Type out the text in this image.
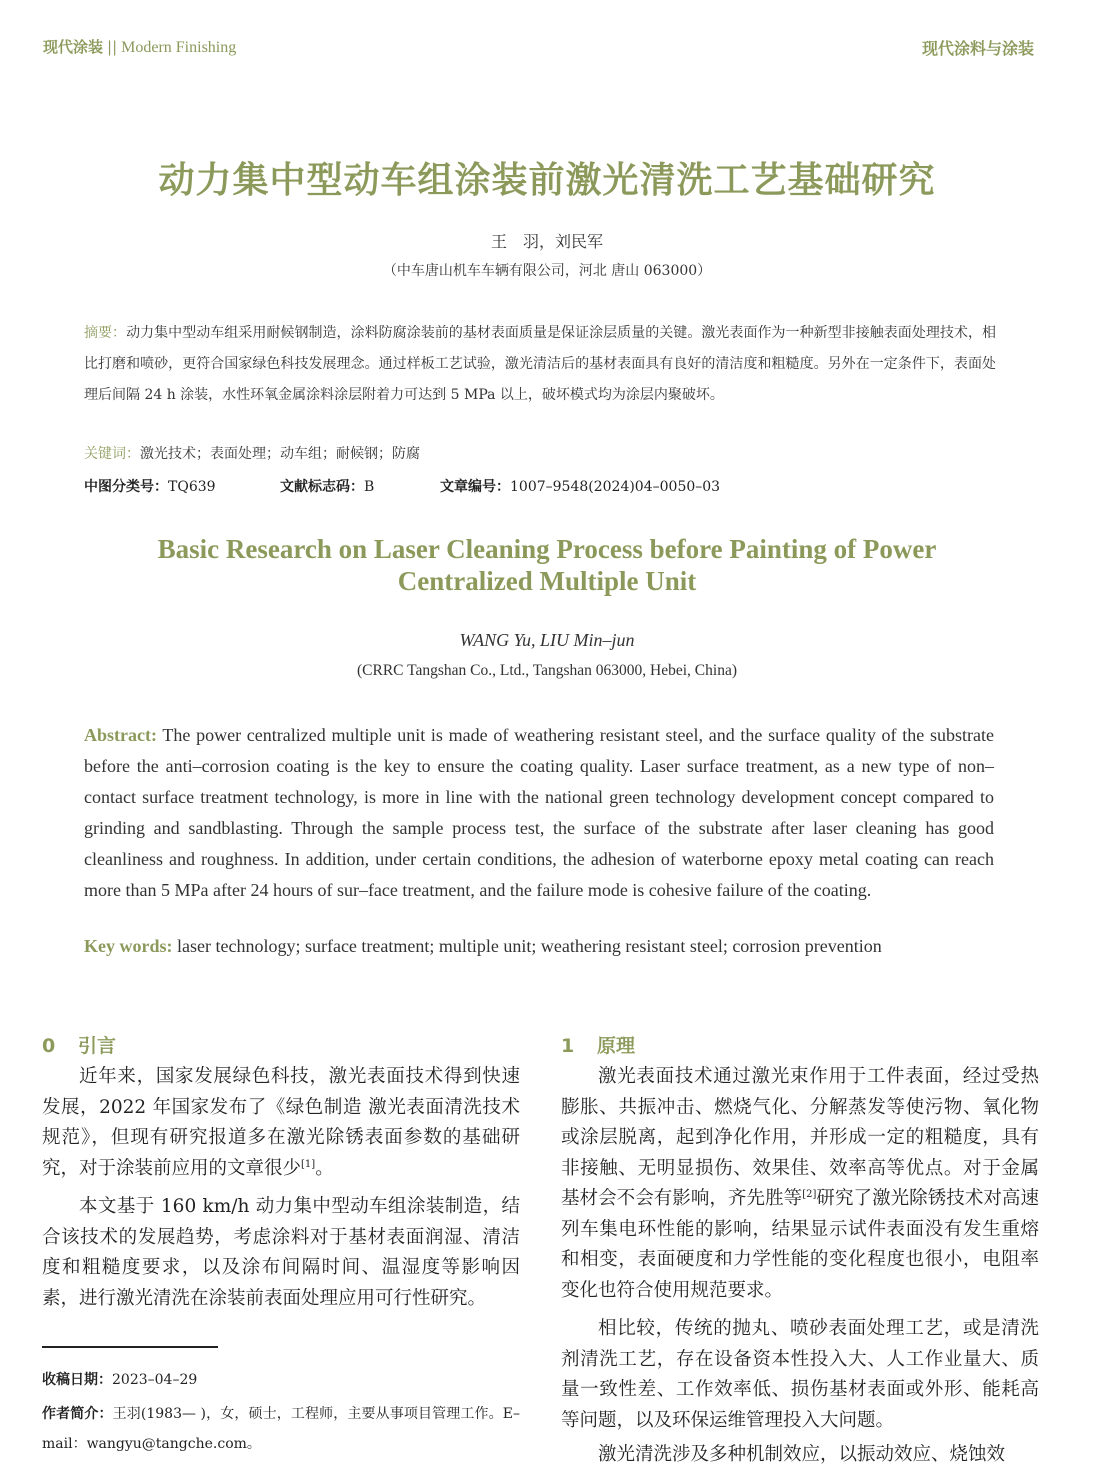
现代涂装 || Modern Finishing	现代涂料与涂装
动力集中型动车组涂装前激光清洗工艺基础研究
王　羽，刘民军
（中车唐山机车车辆有限公司，河北 唐山 063000）
摘要：动力集中型动车组采用耐候钢制造，涂料防腐涂装前的基材表面质量是保证涂层质量的关键。激光表面作为一种新型非接触表面处理技术，相比打磨和喷砂，更符合国家绿色科技发展理念。通过样板工艺试验，激光清洁后的基材表面具有良好的清洁度和粗糙度。另外在一定条件下，表面处理后间隔 24 h 涂装，水性环氧金属涂料涂层附着力可达到 5 MPa 以上，破坏模式均为涂层内聚破坏。
关键词：激光技术；表面处理；动车组；耐候钢；防腐
中图分类号：TQ639	文献标志码：B	文章编号：1007–9548(2024)04–0050–03
Basic Research on Laser Cleaning Process before Painting of Power Centralized Multiple Unit
WANG Yu, LIU Min–jun
(CRRC Tangshan Co., Ltd., Tangshan 063000, Hebei, China)
Abstract: The power centralized multiple unit is made of weathering resistant steel, and the surface quality of the substrate before the anti–corrosion coating is the key to ensure the coating quality. Laser surface treatment, as a new type of non–contact surface treatment technology, is more in line with the national green technology development concept compared to grinding and sandblasting. Through the sample process test, the surface of the substrate after laser cleaning has good cleanliness and roughness. In addition, under certain conditions, the adhesion of waterborne epoxy metal coating can reach more than 5 MPa after 24 hours of sur–face treatment, and the failure mode is cohesive failure of the coating.
Key words: laser technology; surface treatment; multiple unit; weathering resistant steel; corrosion prevention
0 引言

近年来，国家发展绿色科技，激光表面技术得到快速发展，2022 年国家发布了《绿色制造 激光表面清洗技术规范》，但现有研究报道多在激光除锈表面参数的基础研究，对于涂装前应用的文章很少[1]。

本文基于 160 km/h 动力集中型动车组涂装制造，结合该技术的发展趋势，考虑涂料对于基材表面润湿、清洁度和粗糙度要求，以及涂布间隔时间、温湿度等影响因素，进行激光清洗在涂装前表面处理应用可行性研究。

1 原理

激光表面技术通过激光束作用于工件表面，经过受热膨胀、共振冲击、燃烧气化、分解蒸发等使污物、氧化物或涂层脱离，起到净化作用，并形成一定的粗糙度，具有非接触、无明显损伤、效果佳、效率高等优点。对于金属基材会不会有影响，齐先胜等[2]研究了激光除锈技术对高速列车集电环性能的影响，结果显示试件表面没有发生重熔和相变，表面硬度和力学性能的变化程度也很小，电阻率变化也符合使用规范要求。

相比较，传统的抛丸、喷砂表面处理工艺，或是清洗剂清洗工艺，存在设备资本性投入大、人工作业量大、质量一致性差、工作效率低、损伤基材表面或外形、能耗高等问题，以及环保运维管理投入大问题。

激光清洗涉及多种机制效应，以振动效应、烧蚀效

收稿日期：2023–04–29
作者简介：王羽(1983— )，女，硕士，工程师，主要从事项目管理工作。E–mail：wangyu@tangche.com。
